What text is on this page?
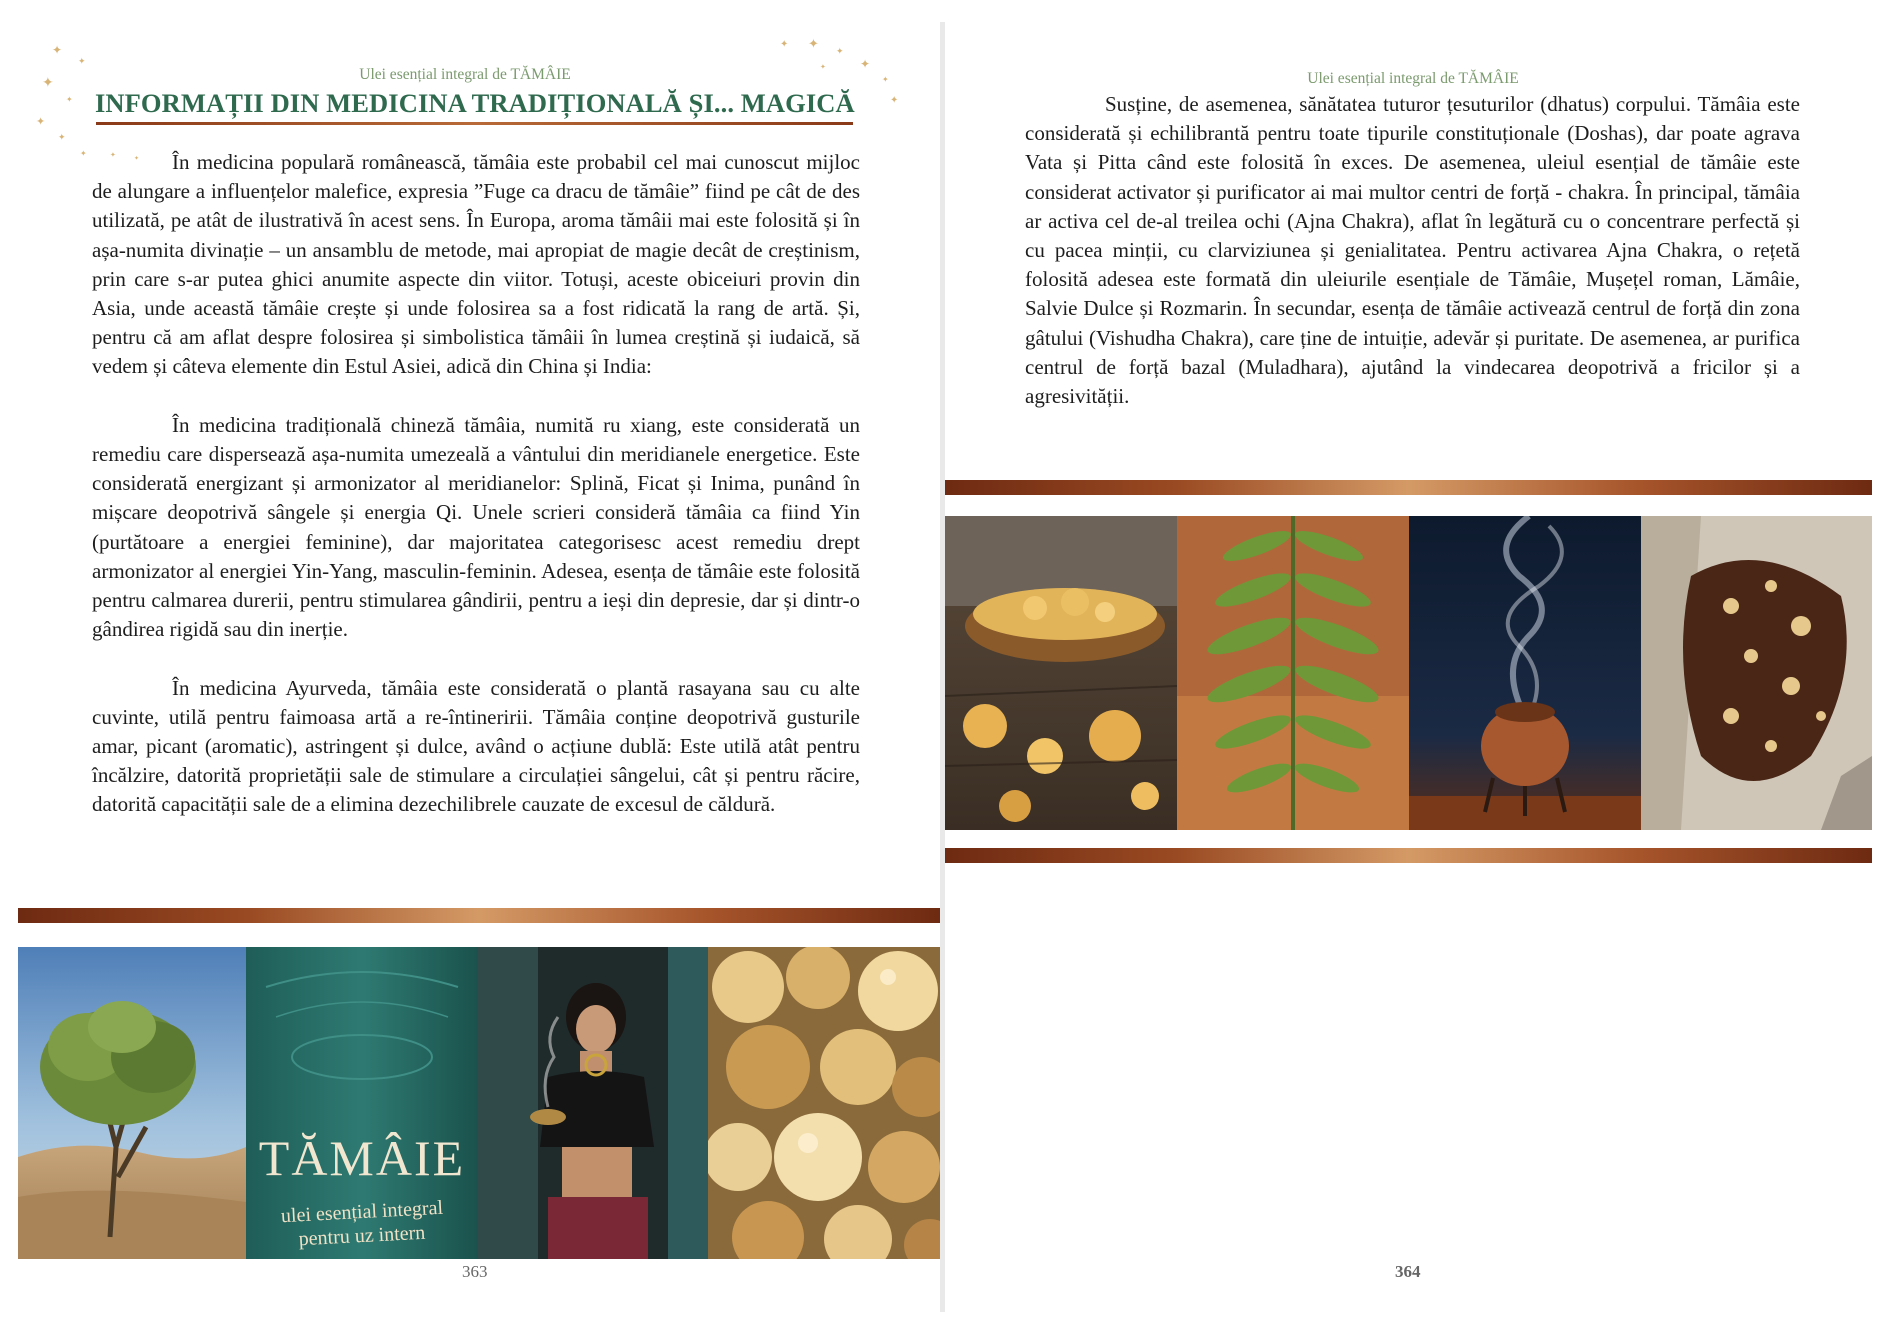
✦
✦
✦
✦
✦
✦
✦	✦	✦
✦ ✦ ✦
✦
✦
✦
✦
Ulei esențial integral de TĂMÂIE
INFORMAȚII DIN MEDICINA TRADIȚIONALĂ ȘI... MAGICĂ

În medicina populară românească, tămâia este probabil cel mai cunoscut mijloc de alungare a influențelor malefice, expresia ”Fuge ca dracu de tămâie” fiind pe cât de des utilizată, pe atât de ilustrativă în acest sens. În Europa, aroma tămâii mai este folosită și în așa-numita divinație – un ansamblu de metode, mai apropiat de magie decât de creștinism, prin care s-ar putea ghici anumite aspecte din viitor. Totuși, aceste obiceiuri provin din Asia, unde această tămâie crește și unde folosirea sa a fost ridicată la rang de artă. Și, pentru că am aflat despre folosirea și simbolistica tămâii în lumea creștină și iudaică, să vedem și câteva elemente din Estul Asiei, adică din China și India:

În medicina tradițională chineză tămâia, numită ru xiang, este considerată un remediu care dispersează așa-numita umezeală a vântului din meridianele energetice. Este considerată energizant și armonizator al meridianelor: Splină, Ficat și Inima, punând în mișcare deopotrivă sângele și energia Qi. Unele scrieri consideră tămâia ca fiind Yin (purtătoare a energiei feminine), dar majoritatea categorisesc acest remediu drept armonizator al energiei Yin-Yang, masculin-feminin. Adesea, esența de tămâie este folosită pentru calmarea durerii, pentru stimularea gândirii, pentru a ieși din depresie, dar și dintr-o gândirea rigidă sau din inerție.

În medicina Ayurveda, tămâia este considerată o plantă rasayana sau cu alte cuvinte, utilă pentru faimoasa artă a re-întineririi. Tămâia conține deopotrivă gusturile amar, picant (aromatic), astringent și dulce, având o acțiune dublă: Este utilă atât pentru încălzire, datorită proprietății sale de stimulare a circulației sângelui, cât și pentru răcire, datorită capacității sale de a elimina dezechilibrele cauzate de excesul de căldură.

TĂMÂIE
ulei esențial integral
pentru uz intern
363
Ulei esențial integral de TĂMÂIE

Susține, de asemenea, sănătatea tuturor țesuturilor (dhatus) corpului. Tămâia este considerată și echilibrantă pentru toate tipurile constituționale (Doshas), dar poate agrava Vata și Pitta când este folosită în exces. De asemenea, uleiul esențial de tămâie este considerat activator și purificator ai mai multor centri de forță - chakra. În principal, tămâia ar activa cel de-al treilea ochi (Ajna Chakra), aflat în legătură cu o concentrare perfectă și cu pacea minții, cu clarviziunea și genialitatea. Pentru activarea Ajna Chakra, o rețetă folosită adesea este formată din uleiurile esențiale de Tămâie, Mușețel roman, Lămâie, Salvie Dulce și Rozmarin. În secundar, esența de tămâie activează centrul de forță din zona gâtului (Vishudha Chakra), care ține de intuiție, adevăr și puritate. De asemenea, ar purifica centrul de forță bazal (Muladhara), ajutând la vindecarea deopotrivă a fricilor și a agresivității.

364
